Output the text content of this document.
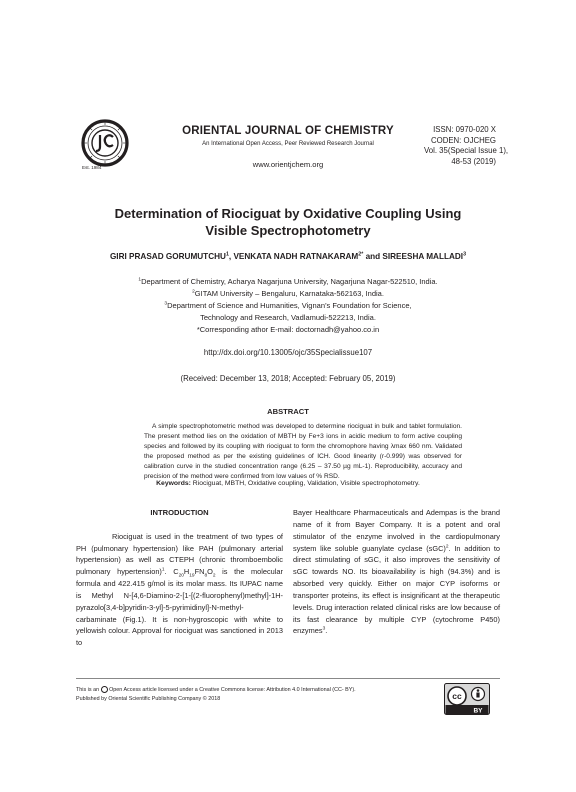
Est. 1984
ORIENTAL JOURNAL OF CHEMISTRY
An International Open Access, Peer Reviewed Research Journal
www.orientjchem.org
ISSN: 0970-020 X
CODEN: OJCHEG
Vol. 35(Special Issue 1),
48-53 (2019)
Determination of Riociguat by Oxidative Coupling Using
Visible Spectrophotometry
GIRI PRASAD GORUMUTCHU$^1$, VENKATA NADH $RATNAKARAM^{2*}$ and SIREESHA MALLADI$^3$
$^1$Department of Chemistry, Acharya Nagarjuna University, Nagarjuna Nagar-522510, India.
$^2$GITAM University – Bengaluru, Karnataka-562163, India.
$^3$Department of Science and Humanities, Vignan’s Foundation for Science,
Technology and Research, Vadlamudi-522213, India.
*Corresponding athor E-mail: doctornadh@yahoo.co.in
http://dx.doi.org/10.13005/ojc/35Specialissue107
(Received: December 13, 2018; Accepted: February 05, 2019)
ABSTRACT

A simple spectrophotometric method was developed to determine riociguat in bulk and tablet formulation. The present method lies on the oxidation of MBTH by Fe+3 ions in acidic medium to form active coupling species and followed by its coupling with riociguat to form the chromophore having λmax 660 nm. Validated the proposed method as per the existing guidelines of ICH. Good linearity (r-0.999) was observed for calibration curve in the studied concentration range (6.25 – 37.50 µg mL-1). Reproducibility, accuracy and precision of the method were confirmed from low values of % RSD.

Keywords: Riociguat, MBTH, Oxidative coupling, Validation, Visible spectrophotometry.
INTRODUCTION

Riociguat is used in the treatment of two types of PH (pulmonary hypertension) like PAH (pulmonary arterial hypertension) as well as CTEPH (chronic thromboembolic pulmonary hypertension)$^1$. $C_{20}H_{19}FN_8O_2$ is the molecular formula and 422.415 g/mol is its molar mass. Its IUPAC name is Methyl N-[4,6-Diamino-2-[1-[(2-fluorophenyl)methyl]-1H-pyrazolo[3,4-b]pyridin-3-yl]-5-pyrimidinyl]-N-methyl-carbaminate (Fig.1). It is non-hygroscopic with white to yellowish colour. Approval for riociguat was sanctioned in 2013 to

Bayer Healthcare Pharmaceuticals and Adempas is the brand name of it from Bayer Company. It is a potent and oral stimulator of the enzyme involved in the cardiopulmonary system like soluble guanylate cyclase (sGC)$^2$. In addition to direct stimulating of sGC, it also improves the sensitivity of sGC towards NO. Its bioavailability is high (94.3%) and is absorbed very quickly. Either on major CYP isoforms or transporter proteins, its effect is insignificant at the therapeutic levels. Drug interaction related clinical risks are low because of its fast clearance by multiple CYP (cytochrome P450) enzymes$^3$.

This is an Open Access article licensed under a Creative Commons license: Attribution 4.0 International (CC- BY).
Published by Oriental Scientific Publishing Company © 2018	cc
BY
